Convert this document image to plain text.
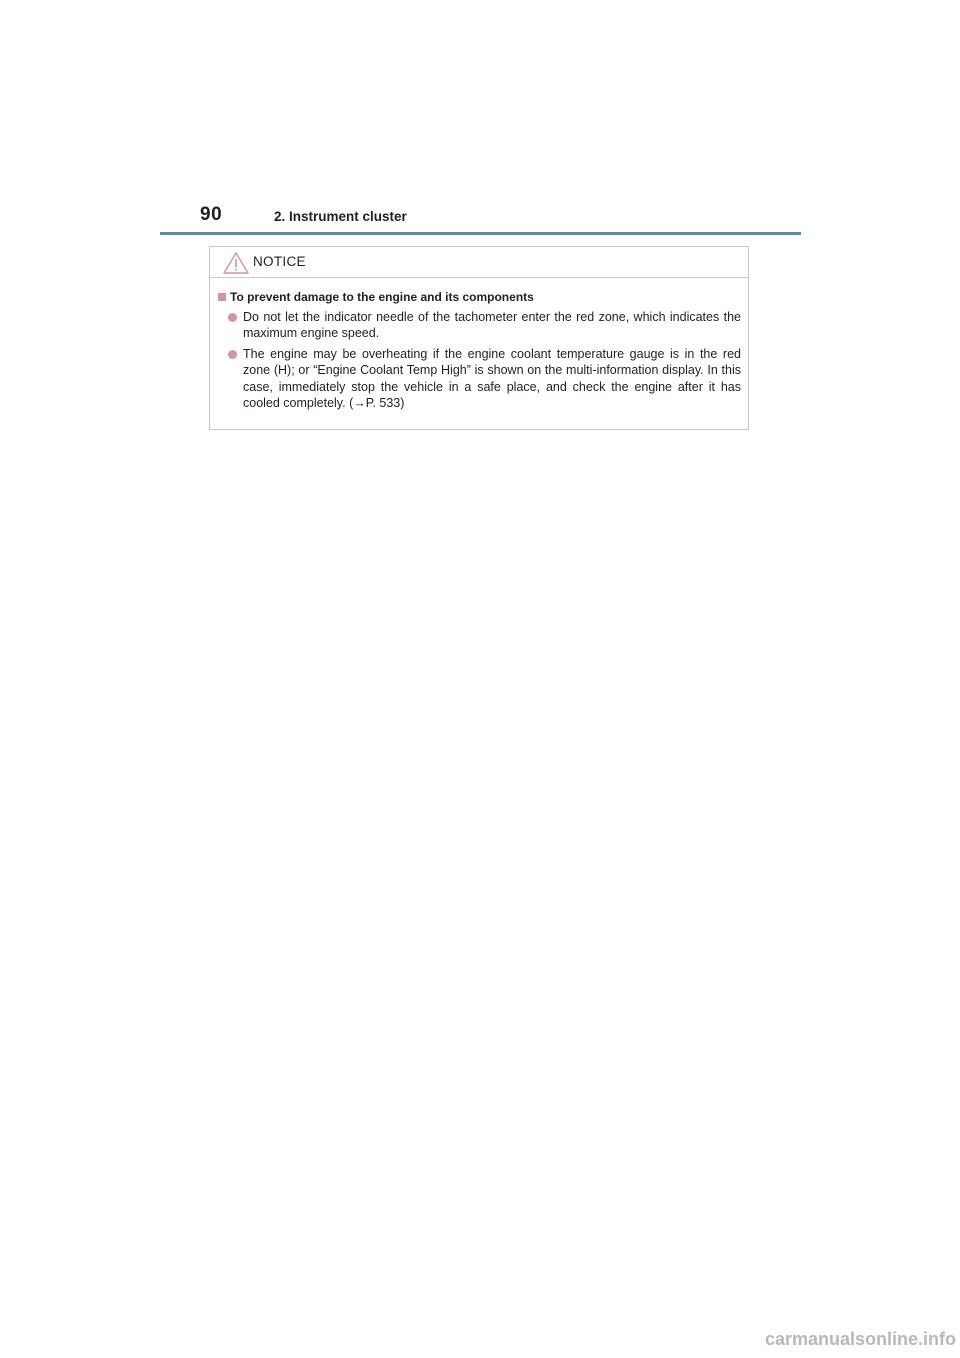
90	2. Instrument cluster
NOTICE
To prevent damage to the engine and its components
Do not let the indicator needle of the tachometer enter the red zone, which indicates the maximum engine speed.
The engine may be overheating if the engine coolant temperature gauge is in the red zone (H); or “Engine Coolant Temp High” is shown on the multi-information display. In this case, immediately stop the vehicle in a safe place, and check the engine after it has cooled completely. (→P. 533)
carmanualsonline.info
